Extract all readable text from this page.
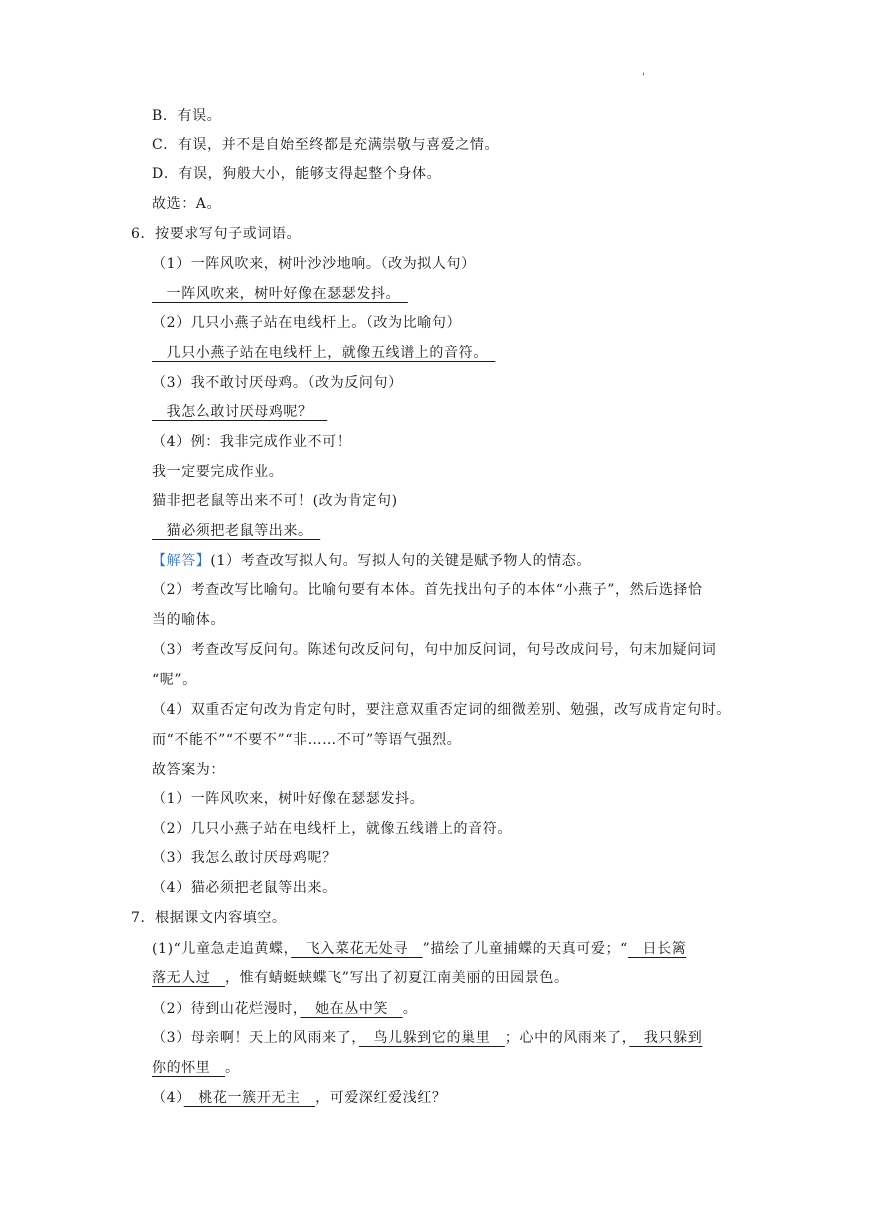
'
B．有误。
C．有误，并不是自始至终都是充满崇敬与喜爱之情。
D．有误，狗般大小，能够支得起整个身体。
故选：A。
6．按要求写句子或词语。
（1）一阵风吹来，树叶沙沙地响。（改为拟人句）
　一阵风吹来，树叶好像在瑟瑟发抖。　
（2）几只小燕子站在电线杆上。（改为比喻句）
　几只小燕子站在电线杆上，就像五线谱上的音符。　
（3）我不敢讨厌母鸡。（改为反问句）
　我怎么敢讨厌母鸡呢？　
（4）例：我非完成作业不可！
我一定要完成作业。
猫非把老鼠等出来不可！(改为肯定句)
　猫必须把老鼠等出来。　
【解答】(1）考查改写拟人句。写拟人句的关键是赋予物人的情态。
（2）考查改写比喻句。比喻句要有本体。首先找出句子的本体“小燕子”，然后选择恰
当的喻体。
（3）考查改写反问句。陈述句改反问句，句中加反问词，句号改成问号，句末加疑问词
“呢”。
（4）双重否定句改为肯定句时，要注意双重否定词的细微差别、勉强，改写成肯定句时。
而“不能不”“不要不”“非……不可”等语气强烈。
故答案为：
（1）一阵风吹来，树叶好像在瑟瑟发抖。
（2）几只小燕子站在电线杆上，就像五线谱上的音符。
（3）我怎么敢讨厌母鸡呢？
（4）猫必须把老鼠等出来。
7．根据课文内容填空。
(1)“儿童急走追黄蝶，　飞入菜花无处寻　”描绘了儿童捕蝶的天真可爱；“　日长篱
落无人过　，惟有蜻蜓蛱蝶飞”写出了初夏江南美丽的田园景色。
（2）待到山花烂漫时，　她在丛中笑　。
（3）母亲啊！天上的风雨来了，　鸟儿躲到它的巢里　；心中的风雨来了，　我只躲到
你的怀里　。
（4）　桃花一簇开无主　，可爱深红爱浅红？
